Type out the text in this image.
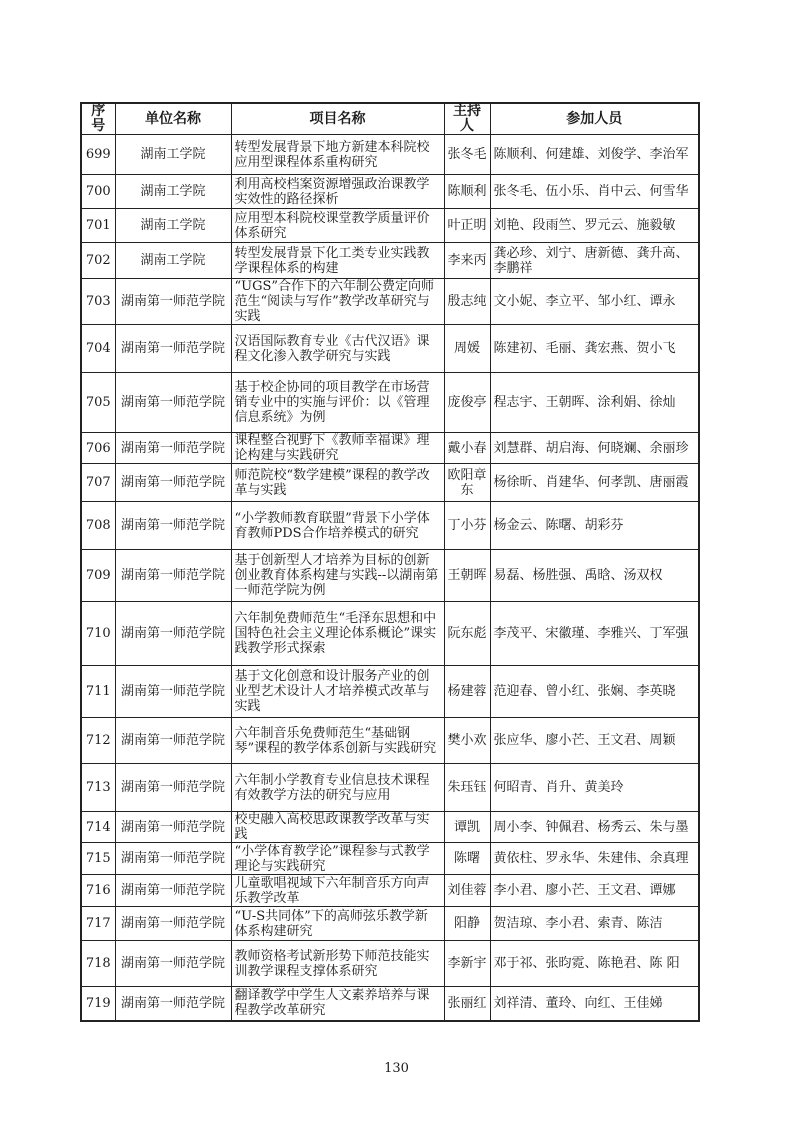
序号	单位名称	项目名称	主持人	参加人员
699	湖南工学院	转型发展背景下地方新建本科院校应用型课程体系重构研究	张冬毛	陈顺利、何建雄、刘俊学、李治军
700	湖南工学院	利用高校档案资源增强政治课教学实效性的路径探析	陈顺利	张冬毛、伍小乐、肖中云、何雪华
701	湖南工学院	应用型本科院校课堂教学质量评价体系研究	叶正明	刘艳、段雨竺、罗元云、施毅敏
702	湖南工学院	转型发展背景下化工类专业实践教学课程体系的构建	李来丙	龚必珍、刘宁、唐新德、龚升高、李鹏祥
703	湖南第一师范学院	“UGS”合作下的六年制公费定向师范生“阅读与写作”教学改革研究与实践	殷志纯	文小妮、李立平、邹小红、谭永
704	湖南第一师范学院	汉语国际教育专业《古代汉语》课程文化渗入教学研究与实践	周媛	陈建初、毛丽、龚宏燕、贺小飞
705	湖南第一师范学院	基于校企协同的项目教学在市场营销专业中的实施与评价：以《管理信息系统》为例	庞俊亭	程志宇、王朝晖、涂利娟、徐灿
706	湖南第一师范学院	课程整合视野下《教师幸福课》理论构建与实践研究	戴小春	刘慧群、胡启海、何晓斓、余丽珍
707	湖南第一师范学院	师范院校“数学建模”课程的教学改革与实践	欧阳章东	杨徐昕、肖建华、何孝凯、唐丽霞
708	湖南第一师范学院	“小学教师教育联盟”背景下小学体育教师PDS合作培养模式的研究	丁小芬	杨金云、陈曙、胡彩芬
709	湖南第一师范学院	基于创新型人才培养为目标的创新创业教育体系构建与实践--以湖南第一师范学院为例	王朝晖	易磊、杨胜强、禹晗、汤双权
710	湖南第一师范学院	六年制免费师范生“毛泽东思想和中国特色社会主义理论体系概论”课实践教学形式探索	阮东彪	李茂平、宋徽瑾、李雅兴、丁军强
711	湖南第一师范学院	基于文化创意和设计服务产业的创业型艺术设计人才培养模式改革与实践	杨建蓉	范迎春、曾小红、张娴、李英晓
712	湖南第一师范学院	六年制音乐免费师范生“基础钢琴”课程的教学体系创新与实践研究	樊小欢	张应华、廖小芒、王文君、周颖
713	湖南第一师范学院	六年制小学教育专业信息技术课程有效教学方法的研究与应用	朱珏钰	何昭青、肖升、黄美玲
714	湖南第一师范学院	校史融入高校思政课教学改革与实践	谭凯	周小李、钟佩君、杨秀云、朱与墨
715	湖南第一师范学院	“小学体育教学论”课程参与式教学理论与实践研究	陈曙	黄依柱、罗永华、朱建伟、余真理
716	湖南第一师范学院	儿童歌唱视域下六年制音乐方向声乐教学改革	刘佳蓉	李小君、廖小芒、王文君、谭娜
717	湖南第一师范学院	“U-S共同体”下的高师弦乐教学新体系构建研究	阳静	贺洁琼、李小君、索青、陈洁
718	湖南第一师范学院	教师资格考试新形势下师范技能实训教学课程支撑体系研究	李新宇	邓于祁、张昀霓、陈艳君、陈 阳
719	湖南第一师范学院	翻译教学中学生人文素养培养与课程教学改革研究	张丽红	刘祥清、董玲、向红、王佳娣
130
